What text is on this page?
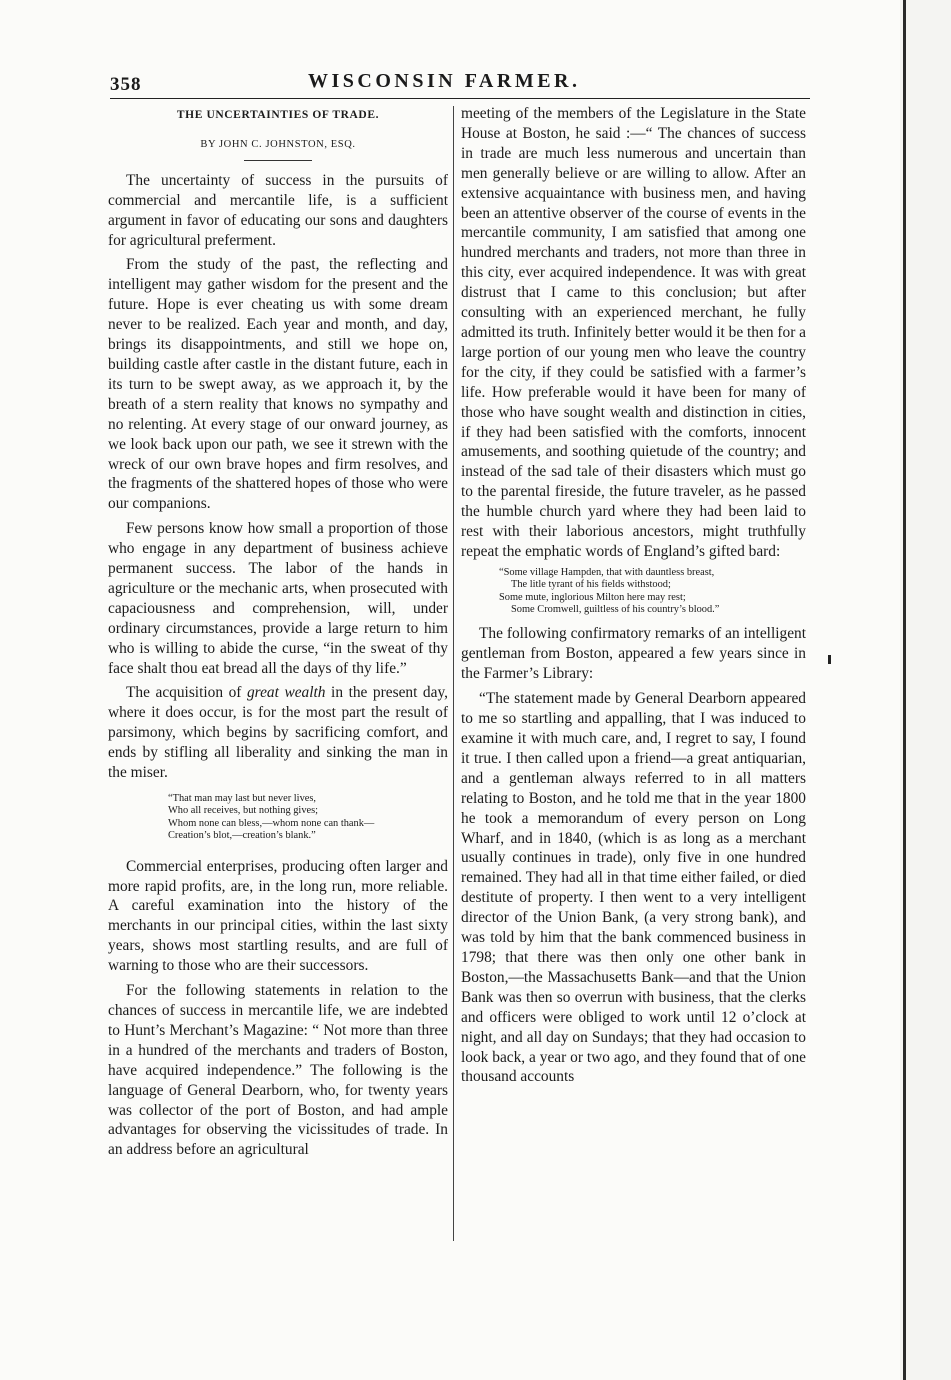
358	WISCONSIN FARMER.
THE UNCERTAINTIES OF TRADE.
BY JOHN C. JOHNSTON, ESQ.

The uncertainty of success in the pursuits of commercial and mercantile life, is a sufficient argument in favor of educating our sons and daughters for agricultural preferment.

From the study of the past, the reflecting and intelligent may gather wisdom for the present and the future. Hope is ever cheating us with some dream never to be realized. Each year and month, and day, brings its disappointments, and still we hope on, building castle after castle in the distant future, each in its turn to be swept away, as we approach it, by the breath of a stern reality that knows no sympathy and no relenting. At every stage of our onward journey, as we look back upon our path, we see it strewn with the wreck of our own brave hopes and firm resolves, and the fragments of the shattered hopes of those who were our companions.

Few persons know how small a proportion of those who engage in any department of business achieve permanent success. The labor of the hands in agriculture or the mechanic arts, when prosecuted with capaciousness and comprehension, will, under ordinary circumstances, provide a large return to him who is willing to abide the curse, “in the sweat of thy face shalt thou eat bread all the days of thy life.”

The acquisition of great wealth in the present day, where it does occur, is for the most part the result of parsimony, which begins by sacrificing comfort, and ends by stifling all liberality and sinking the man in the miser.

“That man may last but never lives,
Who all receives, but nothing gives;
Whom none can bless,—whom none can thank—
Creation’s blot,—creation’s blank.”

Commercial enterprises, producing often larger and more rapid profits, are, in the long run, more reliable. A careful examination into the history of the merchants in our principal cities, within the last sixty years, shows most startling results, and are full of warning to those who are their successors.

For the following statements in relation to the chances of success in mercantile life, we are indebted to Hunt’s Merchant’s Magazine: “ Not more than three in a hundred of the merchants and traders of Boston, have acquired independence.” The following is the language of General Dearborn, who, for twenty years was collector of the port of Boston, and had ample advantages for observing the vicissitudes of trade. In an address before an agricultural

meeting of the members of the Legislature in the State House at Boston, he said :—“ The chances of success in trade are much less numerous and uncertain than men generally believe or are willing to allow. After an extensive acquaintance with business men, and having been an attentive observer of the course of events in the mercantile community, I am satisfied that among one hundred merchants and traders, not more than three in this city, ever acquired independence. It was with great distrust that I came to this conclusion; but after consulting with an experienced merchant, he fully admitted its truth. Infinitely better would it be then for a large portion of our young men who leave the country for the city, if they could be satisfied with a farmer’s life. How preferable would it have been for many of those who have sought wealth and distinction in cities, if they had been satisfied with the comforts, innocent amusements, and soothing quietude of the country; and instead of the sad tale of their disasters which must go to the parental fireside, the future traveler, as he passed the humble church yard where they had been laid to rest with their laborious ancestors, might truthfully repeat the emphatic words of England’s gifted bard:

“Some village Hampden, that with dauntless breast,
The litle tyrant of his fields withstood;
Some mute, inglorious Milton here may rest;
Some Cromwell, guiltless of his country’s blood.”

The following confirmatory remarks of an intelligent gentleman from Boston, appeared a few years since in the Farmer’s Library:

“The statement made by General Dearborn appeared to me so startling and appalling, that I was induced to examine it with much care, and, I regret to say, I found it true. I then called upon a friend—a great antiquarian, and a gentleman always referred to in all matters relating to Boston, and he told me that in the year 1800 he took a memorandum of every person on Long Wharf, and in 1840, (which is as long as a merchant usually continues in trade), only five in one hundred remained. They had all in that time either failed, or died destitute of property. I then went to a very intelligent director of the Union Bank, (a very strong bank), and was told by him that the bank commenced business in 1798; that there was then only one other bank in Boston,—the Massachusetts Bank—and that the Union Bank was then so overrun with business, that the clerks and officers were obliged to work until 12 o’clock at night, and all day on Sundays; that they had occasion to look back, a year or two ago, and they found that of one thousand accounts
